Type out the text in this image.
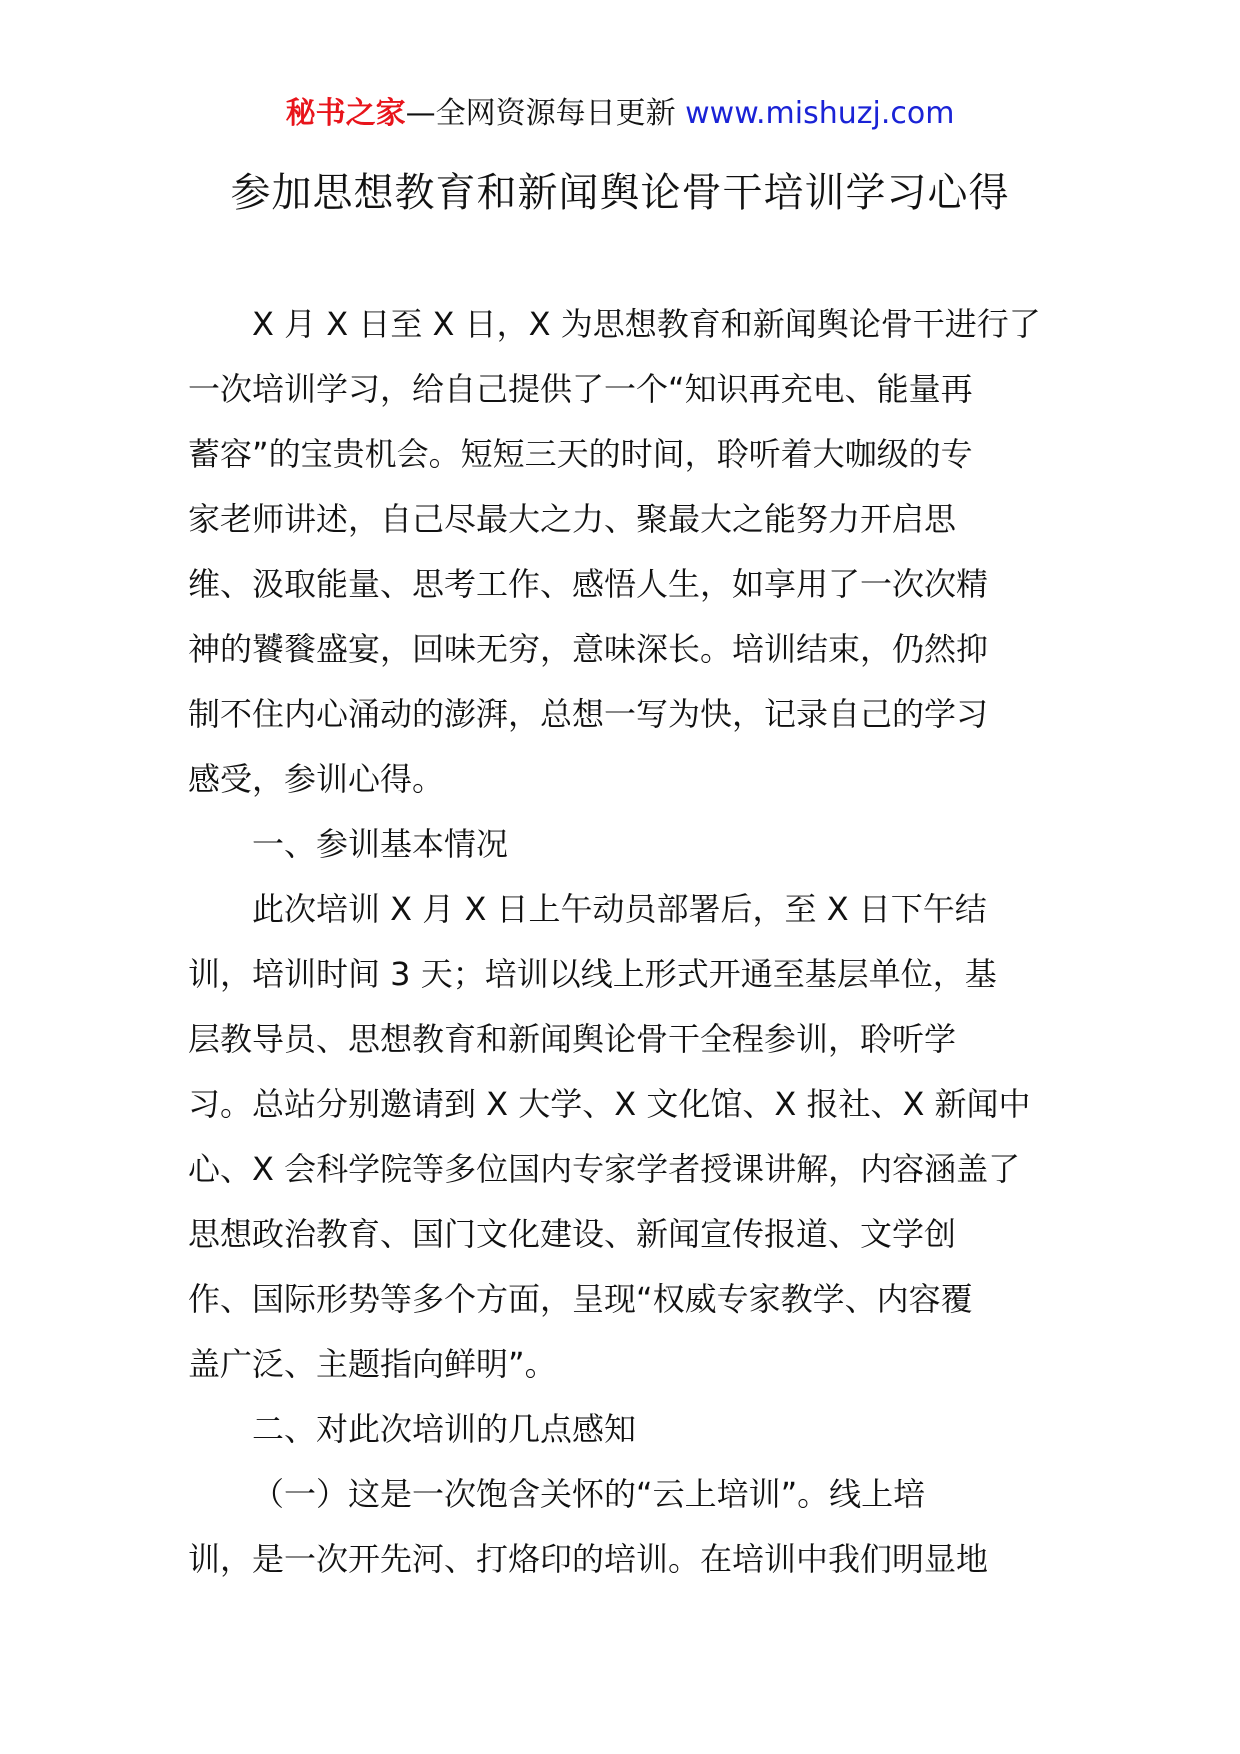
秘书之家—全网资源每日更新 www.mishuzj.com
参加思想教育和新闻舆论骨干培训学习心得

X 月 X 日至 X 日，X 为思想教育和新闻舆论骨干进行了
一次培训学习，给自己提供了一个“知识再充电、能量再
蓄容”的宝贵机会。短短三天的时间，聆听着大咖级的专
家老师讲述，自己尽最大之力、聚最大之能努力开启思
维、汲取能量、思考工作、感悟人生，如享用了一次次精
神的饕餮盛宴，回味无穷，意味深长。培训结束，仍然抑
制不住内心涌动的澎湃，总想一写为快，记录自己的学习
感受，参训心得。

一、参训基本情况

此次培训 X 月 X 日上午动员部署后，至 X 日下午结
训，培训时间 3 天；培训以线上形式开通至基层单位，基
层教导员、思想教育和新闻舆论骨干全程参训，聆听学
习。总站分别邀请到 X 大学、X 文化馆、X 报社、X 新闻中
心、X 会科学院等多位国内专家学者授课讲解，内容涵盖了
思想政治教育、国门文化建设、新闻宣传报道、文学创
作、国际形势等多个方面，呈现“权威专家教学、内容覆
盖广泛、主题指向鲜明”。

二、对此次培训的几点感知

（一）这是一次饱含关怀的“云上培训”。线上培
训，是一次开先河、打烙印的培训。在培训中我们明显地
